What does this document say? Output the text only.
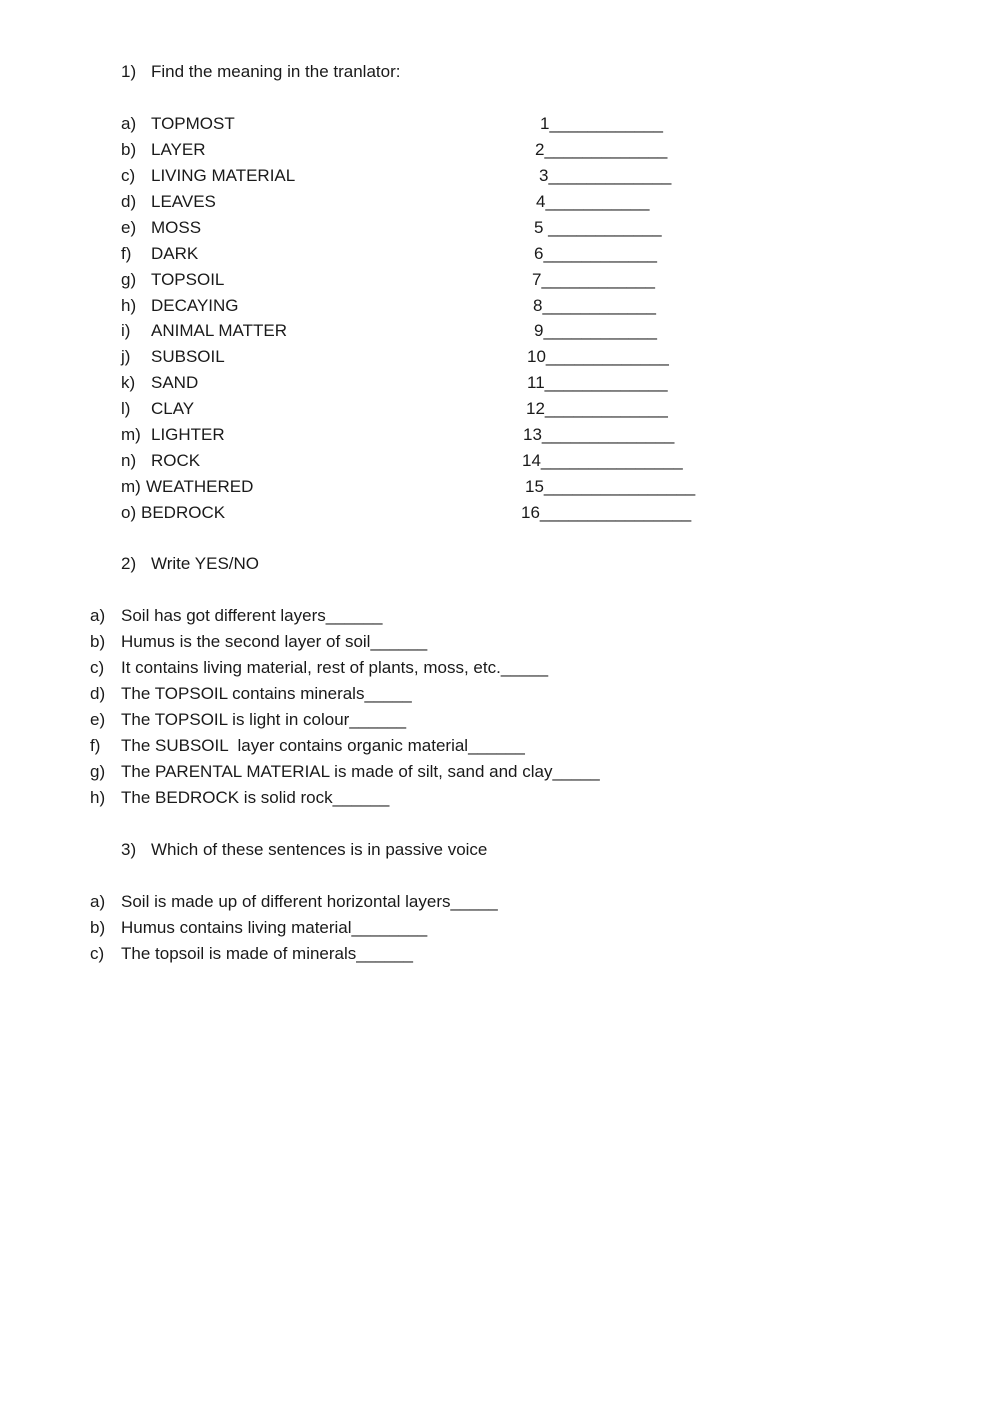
1) Find the meaning in the tranlator:
a) TOPMOST	1____________
b) LAYER	2_____________
c) LIVING MATERIAL	3_____________
d) LEAVES	4___________
e) MOSS	5 ____________
f) DARK	6____________
g) TOPSOIL	7____________
h) DECAYING	8____________
i) ANIMAL MATTER	9____________
j) SUBSOIL	10_____________
k) SAND	11_____________
l) CLAY	12_____________
m) LIGHTER	13______________
n) ROCK	14_______________
m) WEATHERED	15________________
o) BEDROCK	16________________
2) Write YES/NO
a) Soil has got different layers______
b) Humus is the second layer of soil______
c) It contains living material, rest of plants, moss, etc._____
d) The TOPSOIL contains minerals_____
e) The TOPSOIL is light in colour______
f) The SUBSOIL  layer contains organic material______
g) The PARENTAL MATERIAL is made of silt, sand and clay_____
h) The BEDROCK is solid rock______
3) Which of these sentences is in passive voice
a) Soil is made up of different horizontal layers_____
b) Humus contains living material________
c) The topsoil is made of minerals______
